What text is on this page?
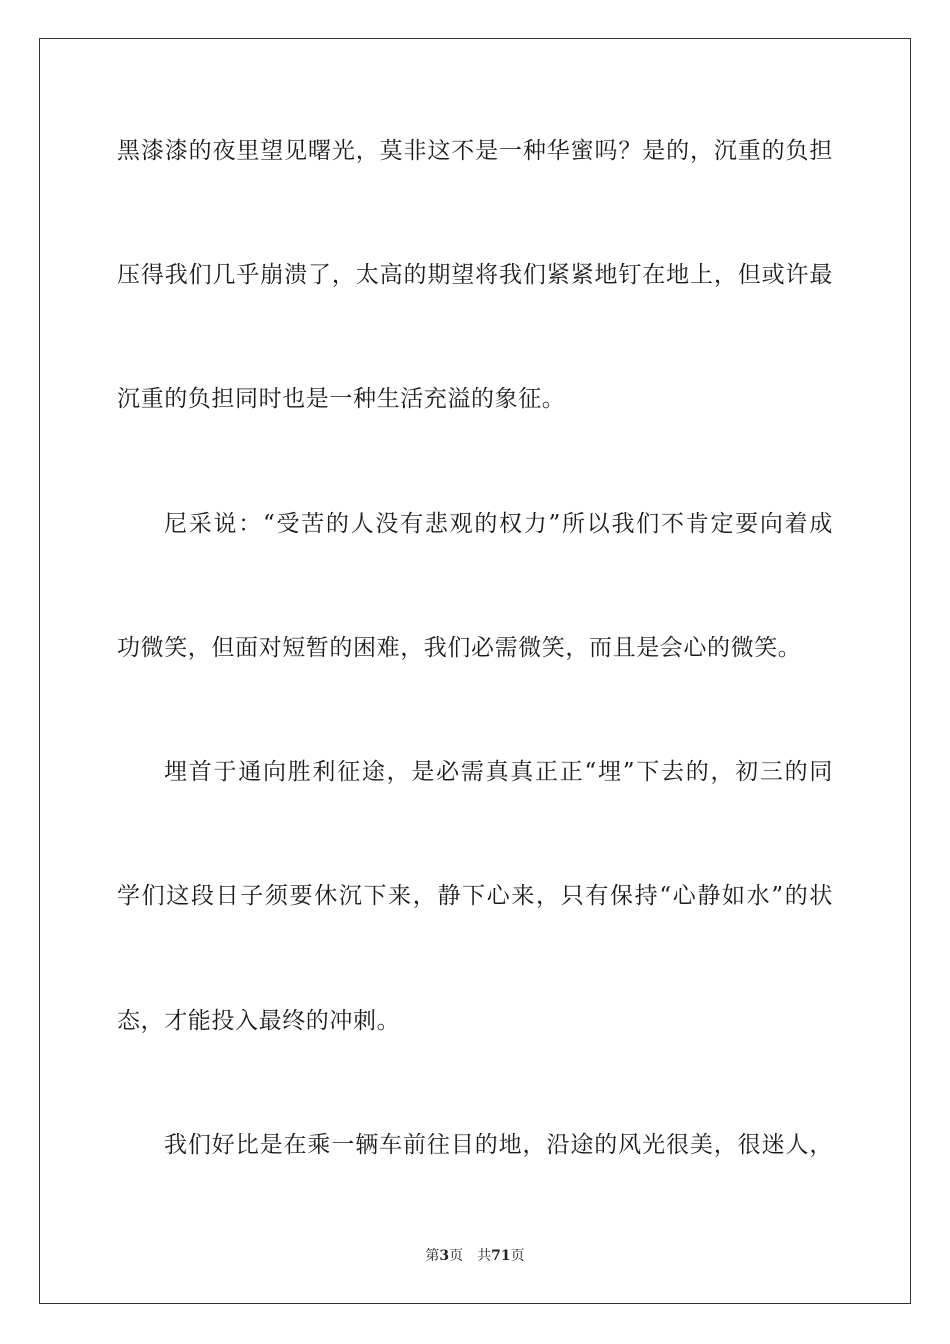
黑漆漆的夜里望见曙光，莫非这不是一种华蜜吗？是的，沉重的负担
压得我们几乎崩溃了，太高的期望将我们紧紧地钉在地上，但或许最
沉重的负担同时也是一种生活充溢的象征。
尼采说：“受苦的人没有悲观的权力”所以我们不肯定要向着成
功微笑，但面对短暂的困难，我们必需微笑，而且是会心的微笑。
埋首于通向胜利征途，是必需真真正正“埋”下去的，初三的同
学们这段日子须要休沉下来，静下心来，只有保持“心静如水”的状
态，才能投入最终的冲刺。
我们好比是在乘一辆车前往目的地，沿途的风光很美，很迷人，
第3页 共71页
